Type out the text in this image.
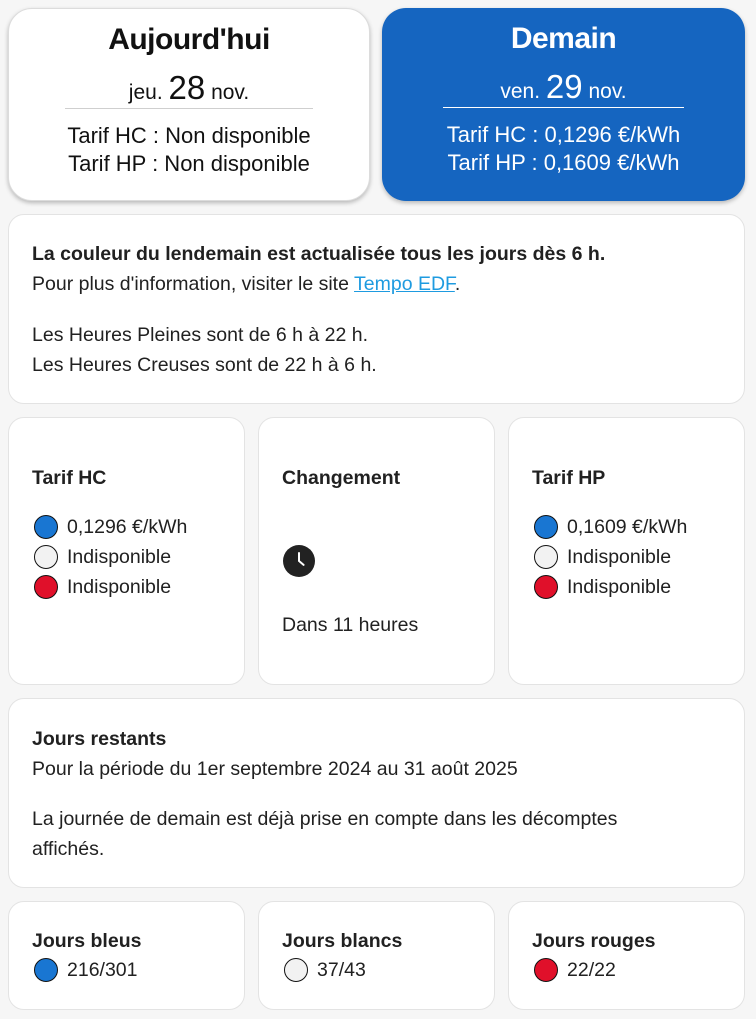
Aujourd'hui
jeu. 28 nov.
Tarif HC : Non disponible
Tarif HP : Non disponible
Demain
ven. 29 nov.
Tarif HC : 0,1296 €/kWh
Tarif HP : 0,1609 €/kWh
La couleur du lendemain est actualisée tous les jours dès 6 h.
Pour plus d'information, visiter le site Tempo EDF.
Les Heures Pleines sont de 6 h à 22 h.
Les Heures Creuses sont de 22 h à 6 h.
Tarif HC
0,1296 €/kWh
Indisponible
Indisponible
Changement
Dans 11 heures
Tarif HP
0,1609 €/kWh
Indisponible
Indisponible
Jours restants
Pour la période du 1er septembre 2024 au 31 août 2025
La journée de demain est déjà prise en compte dans les décomptes
affichés.
Jours bleus
216/301
Jours blancs
37/43
Jours rouges
22/22
